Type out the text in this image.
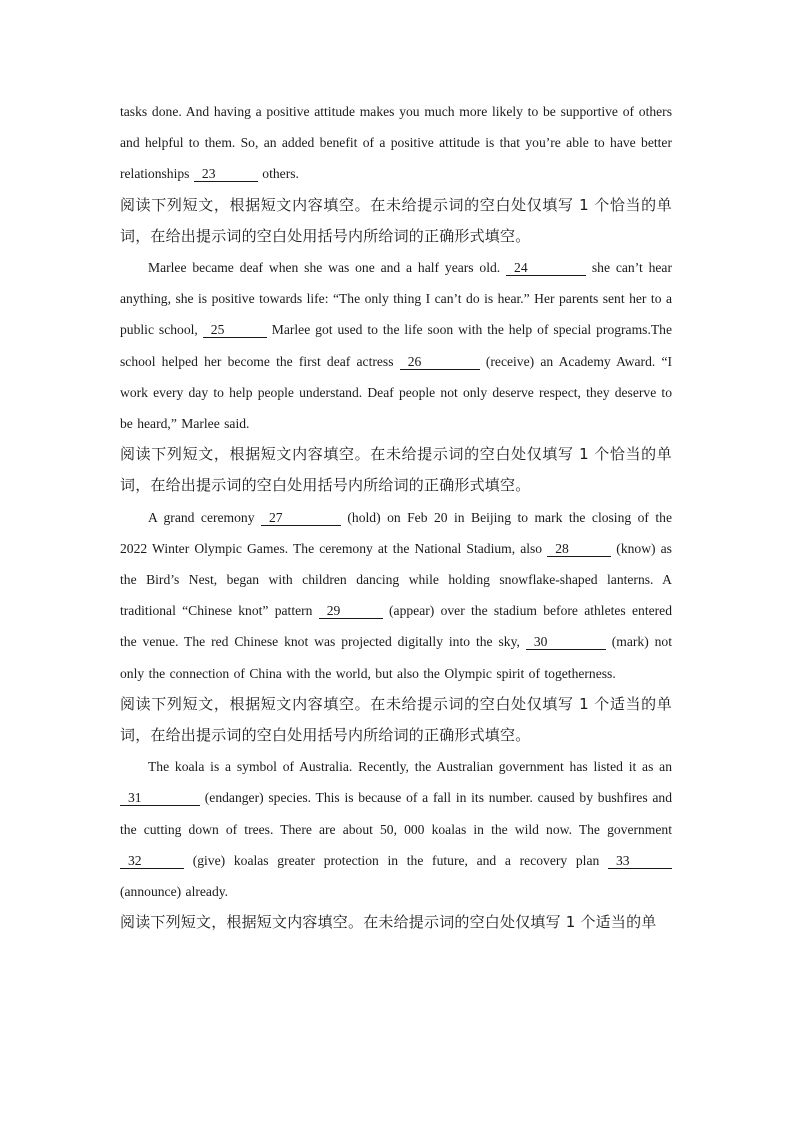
tasks done. And having a positive attitude makes you much more likely to be supportive of others and helpful to them. So, an added benefit of a positive attitude is that you’re able to have better relationships 23	others.

阅读下列短文，根据短文内容填空。在未给提示词的空白处仅填写 1 个恰当的单词，在给出提示词的空白处用括号内所给词的正确形式填空。

Marlee became deaf when she was one and a half years old. 24	she can’t hear anything, she is positive towards life: “The only thing I can’t do is hear.” Her parents sent her to a public school, 25	Marlee got used to the life soon with the help of special programs.The school helped her become the first deaf actress 26	(receive) an Academy Award. “I work every day to help people understand. Deaf people not only deserve respect, they deserve to be heard,” Marlee said.

阅读下列短文，根据短文内容填空。在未给提示词的空白处仅填写 1 个恰当的单词，在给出提示词的空白处用括号内所给词的正确形式填空。

A grand ceremony 27	(hold) on Feb 20 in Beijing to mark the closing of the 2022 Winter Olympic Games. The ceremony at the National Stadium, also 28	(know) as the Bird’s Nest, began with children dancing while holding snowflake-shaped lanterns. A traditional “Chinese knot” pattern 29	(appear) over the stadium before athletes entered the venue. The red Chinese knot was projected digitally into the sky, 30	(mark) not only the connection of China with the world, but also the Olympic spirit of togetherness.

阅读下列短文，根据短文内容填空。在未给提示词的空白处仅填写 1 个适当的单词，在给出提示词的空白处用括号内所给词的正确形式填空。

The koala is a symbol of Australia. Recently, the Australian government has listed it as an 31	(endanger) species. This is because of a fall in its number. caused by bushfires and the cutting down of trees. There are about 50, 000 koalas in the wild now. The government 32	(give) koalas greater protection in the future, and a recovery plan 33 (announce) already.

阅读下列短文，根据短文内容填空。在未给提示词的空白处仅填写 1 个适当的单
